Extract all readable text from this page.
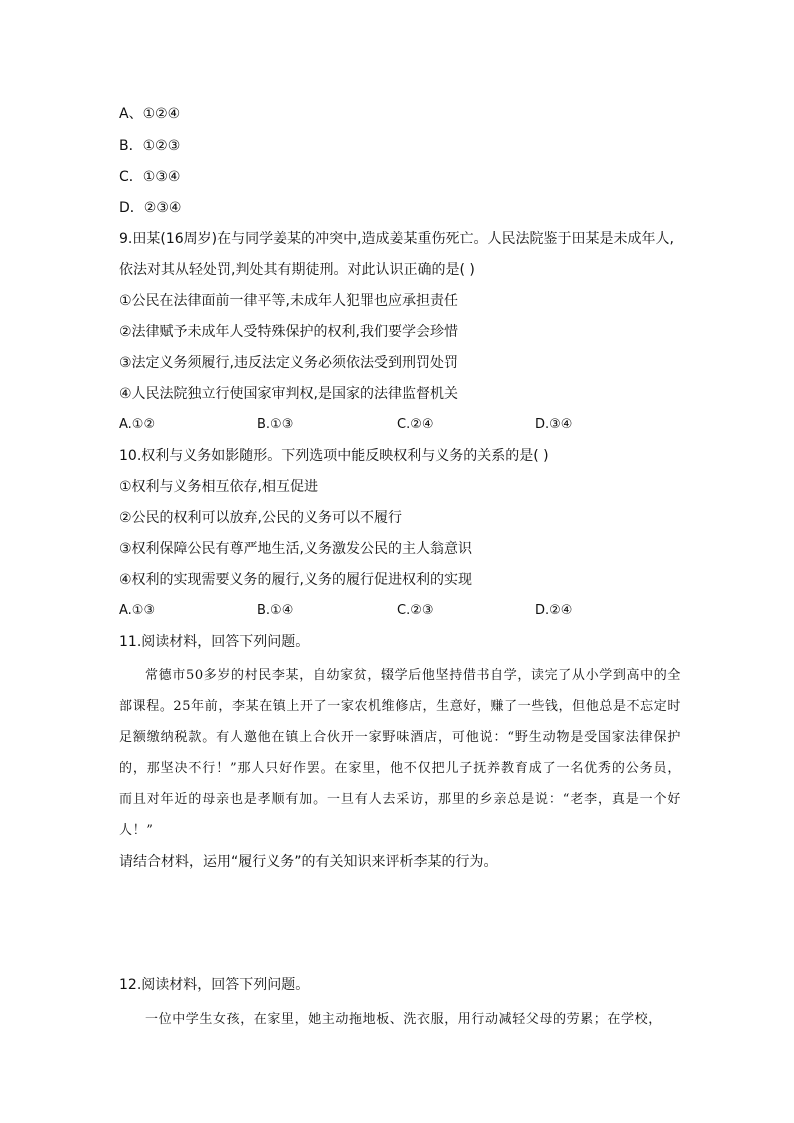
A、①②④
B．①②③
C．①③④
D．②③④
9.田某(16周岁)在与同学姜某的冲突中,造成姜某重伤死亡。人民法院鉴于田某是未成年人,
依法对其从轻处罚,判处其有期徒刑。对此认识正确的是( )
①公民在法律面前一律平等,未成年人犯罪也应承担责任
②法律赋予未成年人受特殊保护的权利,我们要学会珍惜
③法定义务须履行,违反法定义务必须依法受到刑罚处罚
④人民法院独立行使国家审判权,是国家的法律监督机关
A.①②	B.①③	C.②④	D.③④
10.权利与义务如影随形。下列选项中能反映权利与义务的关系的是( )
①权利与义务相互依存,相互促进
②公民的权利可以放弃,公民的义务可以不履行
③权利保障公民有尊严地生活,义务激发公民的主人翁意识
④权利的实现需要义务的履行,义务的履行促进权利的实现
A.①③	B.①④	C.②③	D.②④
11.阅读材料，回答下列问题。
常德市50多岁的村民李某，自幼家贫，辍学后他坚持借书自学，读完了从小学到高中的全部课程。25年前，李某在镇上开了一家农机维修店，生意好，赚了一些钱，但他总是不忘定时足额缴纳税款。有人邀他在镇上合伙开一家野味酒店，可他说：“野生动物是受国家法律保护的，那坚决不行！”那人只好作罢。在家里，他不仅把儿子抚养教育成了一名优秀的公务员，而且对年近的母亲也是孝顺有加。一旦有人去采访，那里的乡亲总是说：“老李，真是一个好人！”
请结合材料，运用“履行义务”的有关知识来评析李某的行为。
12.阅读材料，回答下列问题。
一位中学生女孩，在家里，她主动拖地板、洗衣服，用行动减轻父母的劳累；在学校，
